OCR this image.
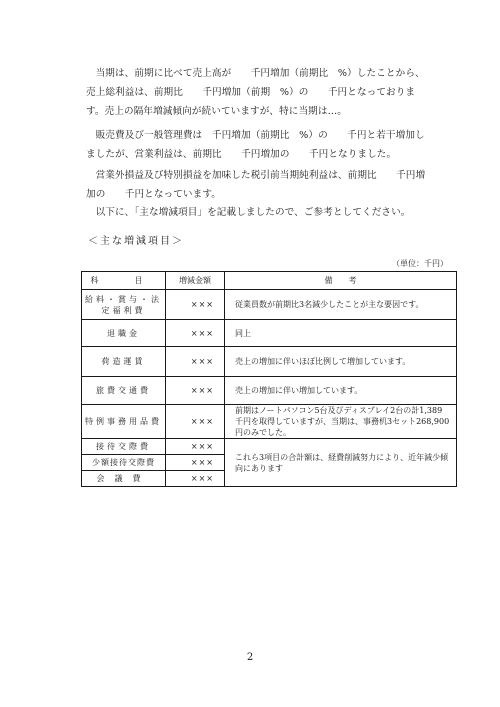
当期は、前期に比べて売上高が　　千円増加（前期比　%）したことから、売上総利益は、前期比　　千円増加（前期　%）の　　千円となっております。売上の隔年増減傾向が続いていますが、特に当期は…。

販売費及び一般管理費は　千円増加（前期比　%）の　　千円と若干増加しましたが、営業利益は、前期比　　千円増加の　　千円となりました。

営業外損益及び特別損益を加味した税引前当期純利益は、前期比　　千円増加の　　千円となっています。

以下に、「主な増減項目」を記載しましたので、ご参考としてください。

＜主な増減項目＞

（単位：千円）

科　目	増減金額	備　　考
給料・賞与・法定福利費	×××	従業員数が前期比3名減少したことが主な要因です。
退職金	×××	同上
荷造運賃	×××	売上の増加に伴いほぼ比例して増加しています。
旅費交通費	×××	売上の増加に伴い増加しています。
特例事務用品費	×××	前期はノートパソコン5台及びディスプレイ2台の計1,389千円を取得していますが、当期は、事務机3セット268,900円のみでした。
接待交際費	×××	これら3項目の合計額は、経費削減努力により、近年減少傾向にあります
少額接待交際費	×××	
会議費	×××	

2
